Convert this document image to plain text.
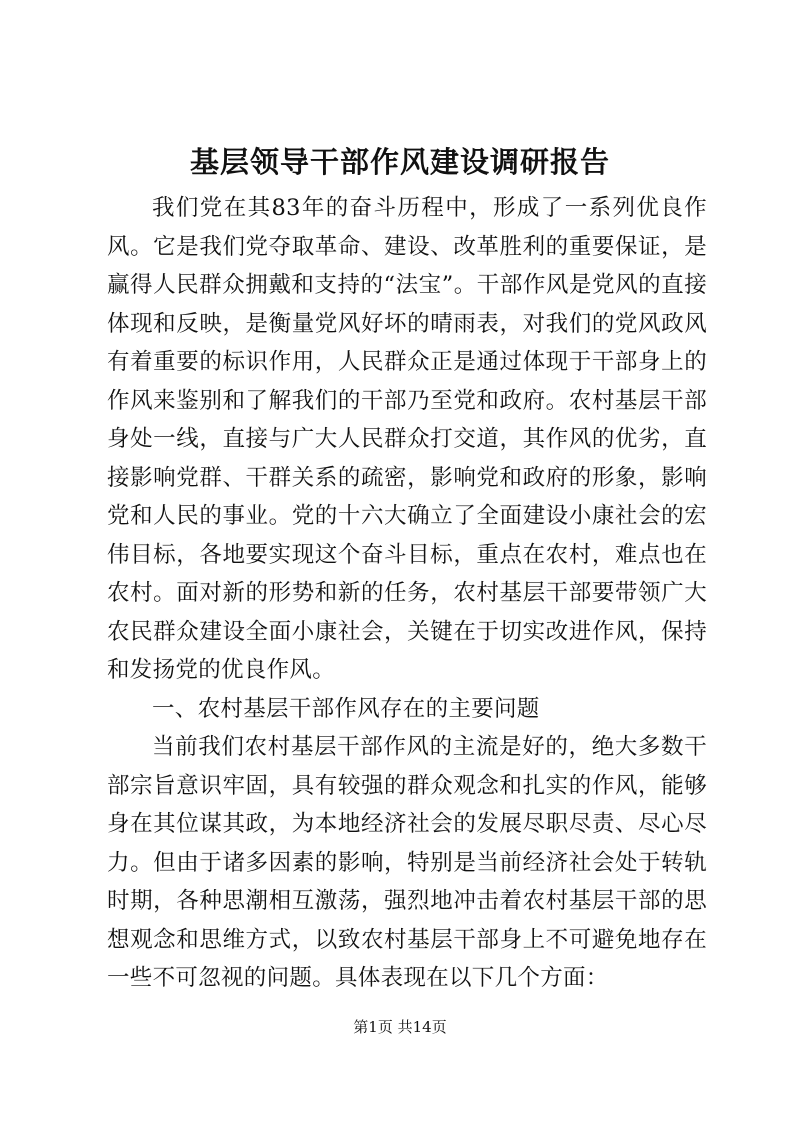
基层领导干部作风建设调研报告

我们党在其83年的奋斗历程中，形成了一系列优良作风。它是我们党夺取革命、建设、改革胜利的重要保证，是赢得人民群众拥戴和支持的“法宝”。干部作风是党风的直接体现和反映，是衡量党风好坏的晴雨表，对我们的党风政风有着重要的标识作用，人民群众正是通过体现于干部身上的作风来鉴别和了解我们的干部乃至党和政府。农村基层干部身处一线，直接与广大人民群众打交道，其作风的优劣，直接影响党群、干群关系的疏密，影响党和政府的形象，影响党和人民的事业。党的十六大确立了全面建设小康社会的宏伟目标，各地要实现这个奋斗目标，重点在农村，难点也在农村。面对新的形势和新的任务，农村基层干部要带领广大农民群众建设全面小康社会，关键在于切实改进作风，保持和发扬党的优良作风。

一、农村基层干部作风存在的主要问题

当前我们农村基层干部作风的主流是好的，绝大多数干部宗旨意识牢固，具有较强的群众观念和扎实的作风，能够身在其位谋其政，为本地经济社会的发展尽职尽责、尽心尽力。但由于诸多因素的影响，特别是当前经济社会处于转轨时期，各种思潮相互激荡，强烈地冲击着农村基层干部的思想观念和思维方式，以致农村基层干部身上不可避免地存在一些不可忽视的问题。具体表现在以下几个方面：

第1页 共14页
